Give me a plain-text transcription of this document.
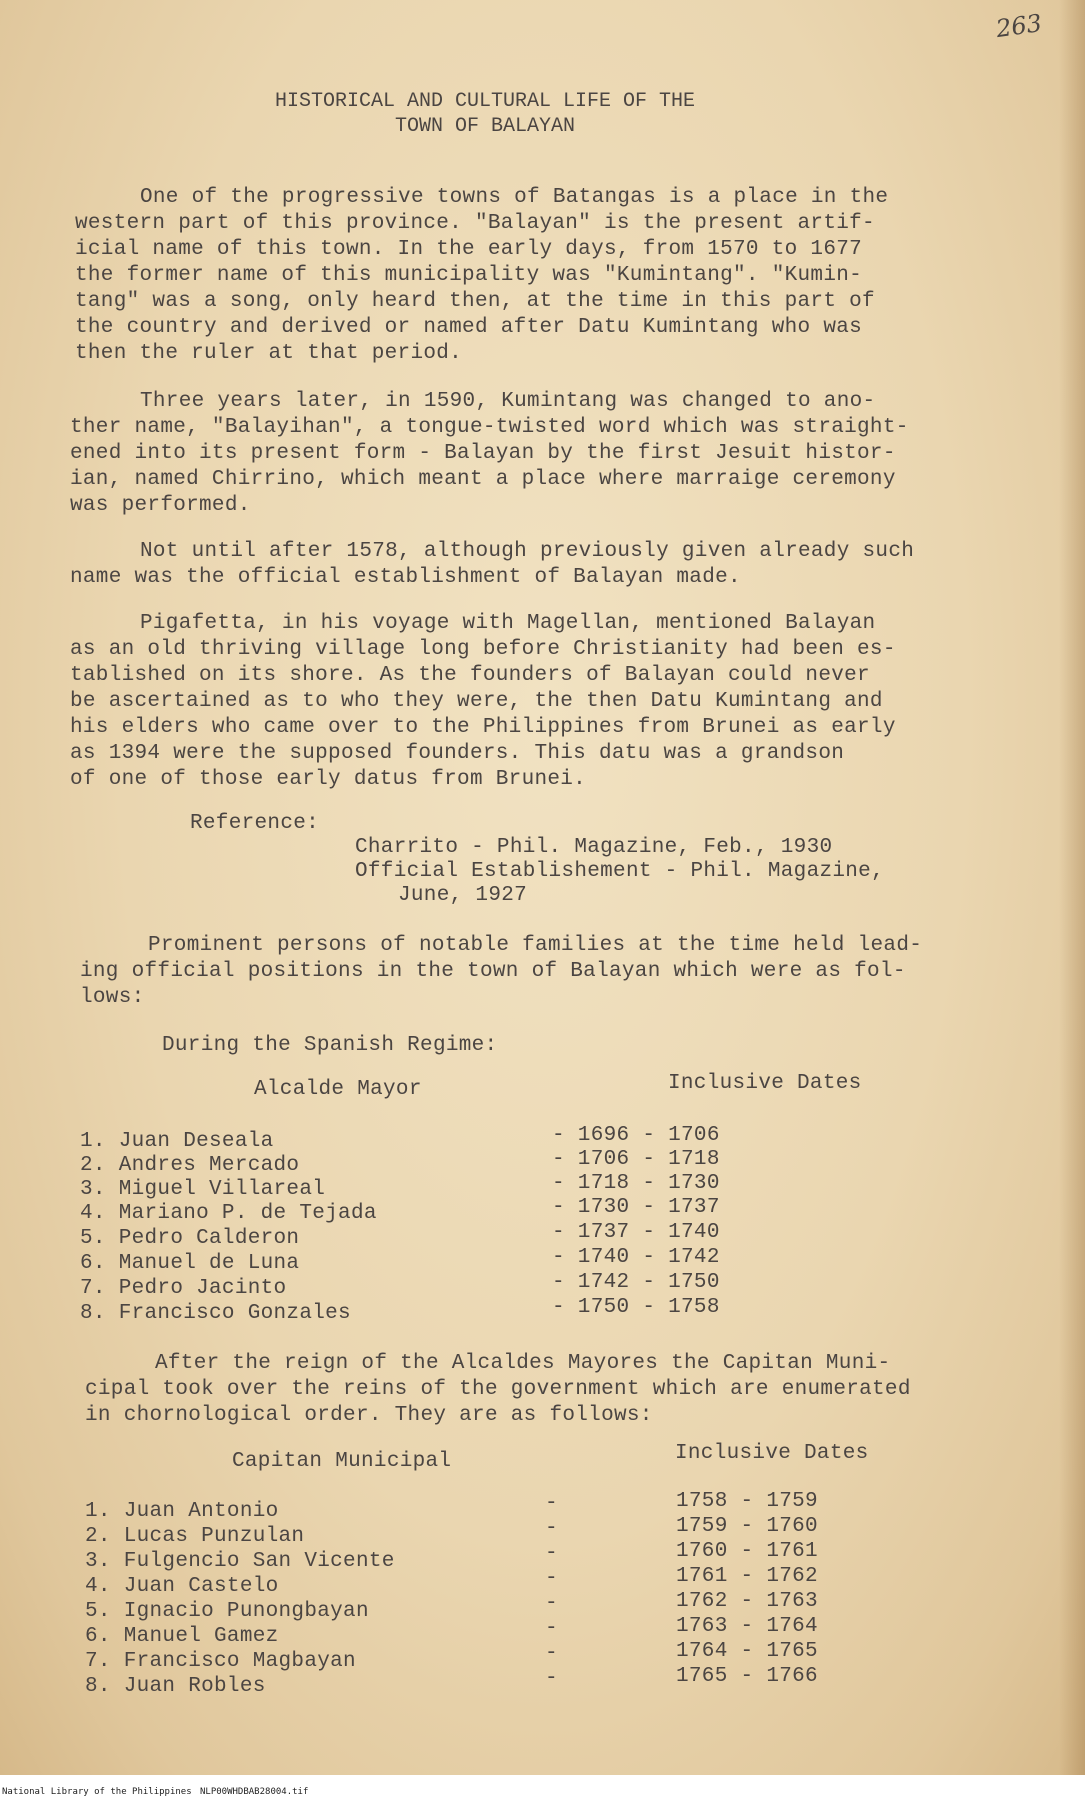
263
HISTORICAL AND CULTURAL LIFE OF THE
TOWN OF BALAYAN
One of the progressive towns of Batangas is a place in the
western part of this province. "Balayan" is the present artif-
icial name of this town. In the early days, from 1570 to 1677
the former name of this municipality was "Kumintang". "Kumin-
tang" was a song, only heard then, at the time in this part of
the country and derived or named after Datu Kumintang who was
then the ruler at that period.
Three years later, in 1590, Kumintang was changed to ano-
ther name, "Balayihan", a tongue-twisted word which was straight-
ened into its present form - Balayan by the first Jesuit histor-
ian, named Chirrino, which meant a place where marraige ceremony
was performed.
Not until after 1578, although previously given already such
name was the official establishment of Balayan made.
Pigafetta, in his voyage with Magellan, mentioned Balayan
as an old thriving village long before Christianity had been es-
tablished on its shore. As the founders of Balayan could never
be ascertained as to who they were, the then Datu Kumintang and
his elders who came over to the Philippines from Brunei as early
as 1394 were the supposed founders. This datu was a grandson
of one of those early datus from Brunei.
Reference:
Charrito - Phil. Magazine, Feb., 1930
Official Establishement - Phil. Magazine,
June, 1927
Prominent persons of notable families at the time held lead-
ing official positions in the town of Balayan which were as fol-
lows:
During the Spanish Regime:
Alcalde Mayor	Inclusive Dates
1. Juan Deseala	- 1696 - 1706
2. Andres Mercado	- 1706 - 1718
3. Miguel Villareal	- 1718 - 1730
4. Mariano P. de Tejada	- 1730 - 1737
5. Pedro Calderon	- 1737 - 1740
6. Manuel de Luna	- 1740 - 1742
7. Pedro Jacinto	- 1742 - 1750
8. Francisco Gonzales	- 1750 - 1758
After the reign of the Alcaldes Mayores the Capitan Muni-
cipal took over the reins of the government which are enumerated
in chornological order. They are as follows:
Capitan Municipal	Inclusive Dates
1. Juan Antonio	-	1758 - 1759
2. Lucas Punzulan	-	1759 - 1760
3. Fulgencio San Vicente	-	1760 - 1761
4. Juan Castelo	-	1761 - 1762
5. Ignacio Punongbayan	-	1762 - 1763
6. Manuel Gamez	-	1763 - 1764
7. Francisco Magbayan	-	1764 - 1765
8. Juan Robles	-	1765 - 1766
National Library of the Philippines NLP00WHDBAB28004.tif
